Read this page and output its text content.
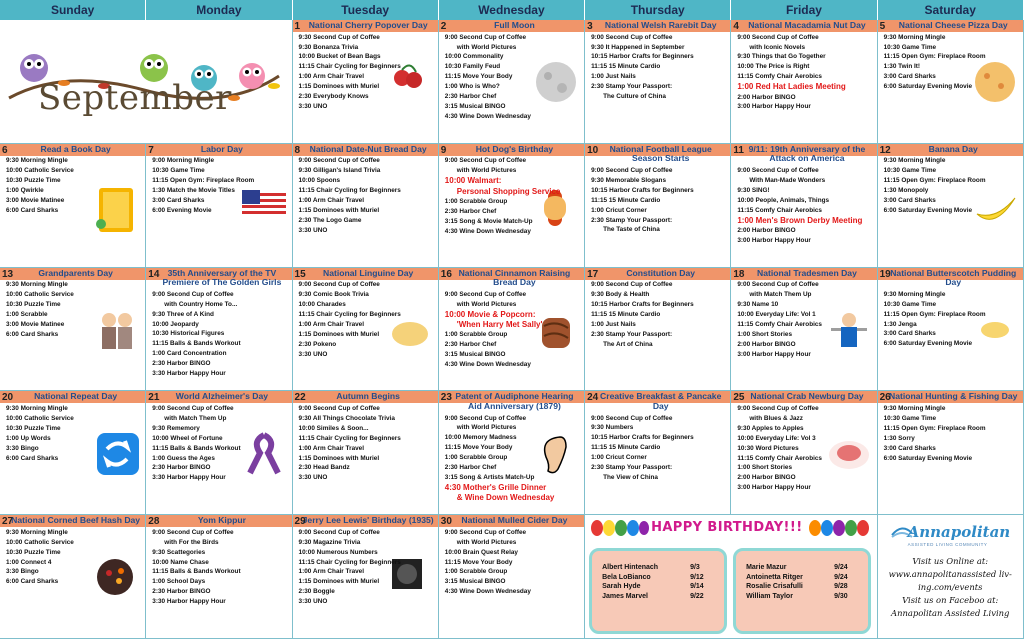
Sunday	Monday	Tuesday	Wednesday	Thursday	Friday	Saturday
September
1	National Cherry Popover Day
9:30 Second Cup of Coffee
9:30 Bonanza Trivia
10:00 Bucket of Bean Bags
11:15 Chair Cycling for Beginners
1:00 Arm Chair Travel
1:15 Dominoes with Muriel
2:30 Everybody Knows
3:30 UNO
2	Full Moon
9:00 Second Cup of Coffee
with World Pictures
10:00 Commonality
10:30 Family Feud
11:15 Move Your Body
1:00 Who is Who?
2:30 Harbor Chef
3:15 Musical BINGO
4:30 Wine Down Wednesday
3	National Welsh Rarebit Day
9:00 Second Cup of Coffee
9:30 It Happened in September
10:15 Harbor Crafts for Beginners
11:15 15 Minute Cardio
1:00 Just Nails
2:30 Stamp Your Passport:
The Culture of China
4	National Macadamia Nut Day
9:00 Second Cup of Coffee
with Iconic Novels
9:30 Things that Go Together
10:00 The Price is Right
11:15 Comfy Chair Aerobics
1:00 Red Hat Ladies Meeting
2:00 Harbor BINGO
3:00 Harbor Happy Hour
5	National Cheese Pizza Day
9:30 Morning Mingle
10:30 Game Time
11:15 Open Gym: Fireplace Room
1:30 Twin It!
3:00 Card Sharks
6:00 Saturday Evening Movie
6	Read a Book Day
9:30 Morning Mingle
10:00 Catholic Service
10:30 Puzzle Time
1:00 Qwirkle
3:00 Movie Matinee
6:00 Card Sharks
7	Labor Day
9:00 Morning Mingle
10:30 Game Time
11:15 Open Gym: Fireplace Room
1:30 Match the Movie Titles
3:00 Card Sharks
6:00 Evening Movie
8	National Date-Nut Bread Day
9:00 Second Cup of Coffee
9:30 Gilligan's Island Trivia
10:00 Spoons
11:15 Chair Cycling for Beginners
1:00 Arm Chair Travel
1:15 Dominoes with Muriel
2:30 The Logo Game
3:30 UNO
9	Hot Dog's Birthday
9:00 Second Cup of Coffee
with World Pictures
10:00 Walmart:
Personal Shopping Service
1:00 Scrabble Group
2:30 Harbor Chef
3:15 Song & Movie Match-Up
4:30 Wine Down Wednesday
10	National Football League Season Starts
9:00 Second Cup of Coffee
9:30 Memorable Slogans
10:15 Harbor Crafts for Beginners
11:15 15 Minute Cardio
1:00 Cricut Corner
2:30 Stamp Your Passport:
The Taste of China
11 9/11: 19th Anniversary of the Attack on America
9:00 Second Cup of Coffee
With Man-Made Wonders
9:30 SING!
10:00 People, Animals, Things
11:15 Comfy Chair Aerobics
1:00 Men's Brown Derby Meeting
2:00 Harbor BINGO
3:00 Harbor Happy Hour
12	Banana Day
9:30 Morning Mingle
10:30 Game Time
11:15 Open Gym: Fireplace Room
1:30 Monopoly
3:00 Card Sharks
6:00 Saturday Evening Movie
13	Grandparents Day
9:30 Morning Mingle
10:00 Catholic Service
10:30 Puzzle Time
1:00 Scrabble
3:00 Movie Matinee
6:00 Card Sharks
14 35th Anniversary of the TV Premiere of The Golden Girls
9:00 Second Cup of Coffee
with Country Home To...
9:30 Three of A Kind
10:00 Jeopardy
10:30 Historical Figures
11:15 Balls & Bands Workout
1:00 Card Concentration
2:30 Harbor BINGO
3:30 Harbor Happy Hour
15	National Linguine Day
9:00 Second Cup of Coffee
9:30 Comic Book Trivia
10:00 Charades
11:15 Chair Cycling for Beginners
1:00 Arm Chair Travel
1:15 Dominoes with Muriel
2:30 Pokeno
3:30 UNO
16 National Cinnamon Raising Bread Day
9:00 Second Cup of Coffee
with World Pictures
10:00 Movie & Popcorn:
'When Harry Met Sally'
1:00 Scrabble Group
2:30 Harbor Chef
3:15 Musical BINGO
4:30 Wine Down Wednesday
17	Constitution Day
9:00 Second Cup of Coffee
9:30 Body & Health
10:15 Harbor Crafts for Beginners
11:15 15 Minute Cardio
1:00 Just Nails
2:30 Stamp Your Passport:
The Art of China
18	National Tradesmen Day
9:00 Second Cup of Coffee
with Match Them Up
9:30 Name 10
10:00 Everyday Life: Vol 1
11:15 Comfy Chair Aerobics
1:00 Short Stories
2:00 Harbor BINGO
3:00 Harbor Happy Hour
19 National Butterscotch Pudding Day
9:30 Morning Mingle
10:30 Game Time
11:15 Open Gym: Fireplace Room
1:30 Jenga
3:00 Card Sharks
6:00 Saturday Evening Movie
20	National Repeat Day
9:30 Morning Mingle
10:00 Catholic Service
10:30 Puzzle Time
1:00 Up Words
3:30 Bingo
6:00 Card Sharks
21	World Alzheimer's Day
9:00 Second Cup of Coffee
with Match Them Up
9:30 Rememory
10:00 Wheel of Fortune
11:15 Balls & Bands Workout
1:00 Guess the Ages
2:30 Harbor BINGO
3:30 Harbor Happy Hour
22	Autumn Begins
9:00 Second Cup of Coffee
9:30 All Things Chocolate Trivia
10:00 Similes & Soon...
11:15 Chair Cycling for Beginners
1:00 Arm Chair Travel
1:15 Dominoes with Muriel
2:30 Head Bandz
3:30 UNO
23 Patent of Audiphone Hearing Aid Anniversary (1879)
9:00 Second Cup of Coffee
with World Pictures
10:00 Memory Madness
11:15 Move Your Body
1:00 Scrabble Group
2:30 Harbor Chef
3:15 Song & Artists Match-Up
4:30 Mother's Grille Dinner
& Wine Down Wednesday
24 Creative Breakfast & Pancake Day
9:00 Second Cup of Coffee
9:30 Numbers
10:15 Harbor Crafts for Beginners
11:15 15 Minute Cardio
1:00 Cricut Corner
2:30 Stamp Your Passport:
The View of China
25 National Crab Newburg Day
9:00 Second Cup of Coffee
with Blues & Jazz
9:30 Apples to Apples
10:00 Everyday Life: Vol 3
10:30 Word Pictures
11:15 Comfy Chair Aerobics
1:00 Short Stories
2:00 Harbor BINGO
3:00 Harbor Happy Hour
26
National Hunting & Fishing Day
9:30 Morning Mingle
10:30 Game Time
11:15 Open Gym: Fireplace Room
1:30 Sorry
3:00 Card Sharks
6:00 Saturday Evening Movie
27
National Corned Beef Hash Day
9:30 Morning Mingle
10:00 Catholic Service
10:30 Puzzle Time
1:00 Connect 4
3:30 Bingo
6:00 Card Sharks
28	Yom Kippur
9:00 Second Cup of Coffee
with For the Birds
9:30 Scattegories
10:00 Name Chase
11:15 Balls & Bands Workout
1:00 School Days
2:30 Harbor BINGO
3:30 Harbor Happy Hour
29
Jerry Lee Lewis' Birthday (1935)
9:00 Second Cup of Coffee
9:30 Magazine Trivia
10:00 Numerous Numbers
11:15 Chair Cycling for Beginners
1:00 Arm Chair Travel
1:15 Dominoes with Muriel
2:30 Boggle
3:30 UNO
30	National Mulled Cider Day
9:00 Second Cup of Coffee
with World Pictures
10:00 Brain Quest Relay
11:15 Move Your Body
1:00 Scrabble Group
3:15 Musical BINGO
4:30 Wine Down Wednesday
HAPPY BIRTHDAY!!!
Albert Hintenach	9/3
Bela LoBianco	9/12
Sarah Hyde	9/14
James Marvel	9/22
Marie Mazur	9/24
Antoinetta Ritger	9/24
Rosalie Crisafulli	9/28
William Taylor	9/30
Annapolitan
ASSISTED LIVING COMMUNITY
Visit us Online at:
www.annapolitanassisted liv-
ing.com/events
Visit us on Faceboo at:
Annapolitan Assisted Living
